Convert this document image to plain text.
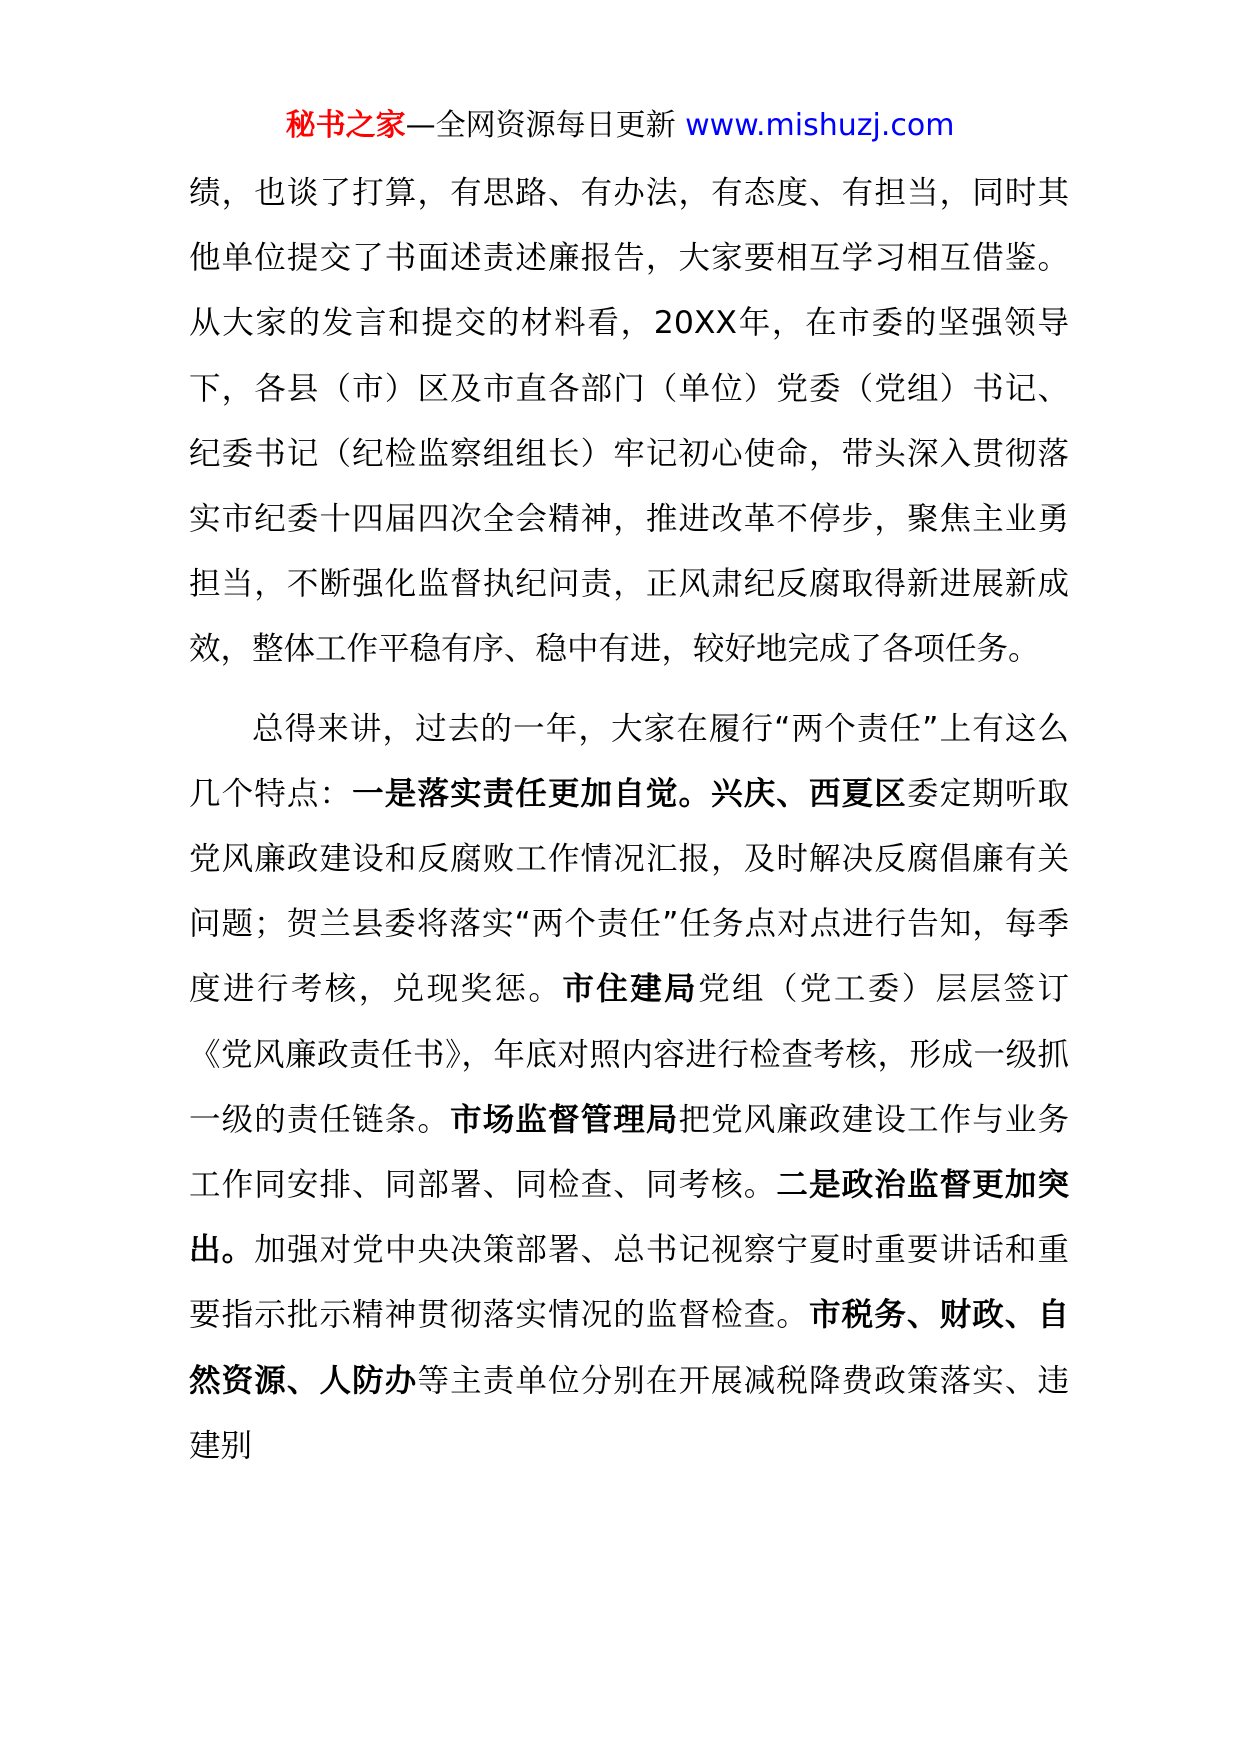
秘书之家—全网资源每日更新 www.mishuzj.com

绩，也谈了打算，有思路、有办法，有态度、有担当，同时其他单位提交了书面述责述廉报告，大家要相互学习相互借鉴。从大家的发言和提交的材料看，20XX年，在市委的坚强领导下，各县（市）区及市直各部门（单位）党委（党组）书记、纪委书记（纪检监察组组长）牢记初心使命，带头深入贯彻落实市纪委十四届四次全会精神，推进改革不停步，聚焦主业勇担当，不断强化监督执纪问责，正风肃纪反腐取得新进展新成效，整体工作平稳有序、稳中有进，较好地完成了各项任务。

总得来讲，过去的一年，大家在履行“两个责任”上有这么几个特点：一是落实责任更加自觉。兴庆、西夏区委定期听取党风廉政建设和反腐败工作情况汇报，及时解决反腐倡廉有关问题；贺兰县委将落实“两个责任”任务点对点进行告知，每季度进行考核，兑现奖惩。市住建局党组（党工委）层层签订《党风廉政责任书》，年底对照内容进行检查考核，形成一级抓一级的责任链条。市场监督管理局把党风廉政建设工作与业务工作同安排、同部署、同检查、同考核。二是政治监督更加突出。加强对党中央决策部署、总书记视察宁夏时重要讲话和重要指示批示精神贯彻落实情况的监督检查。市税务、财政、自然资源、人防办等主责单位分别在开展减税降费政策落实、违建别
